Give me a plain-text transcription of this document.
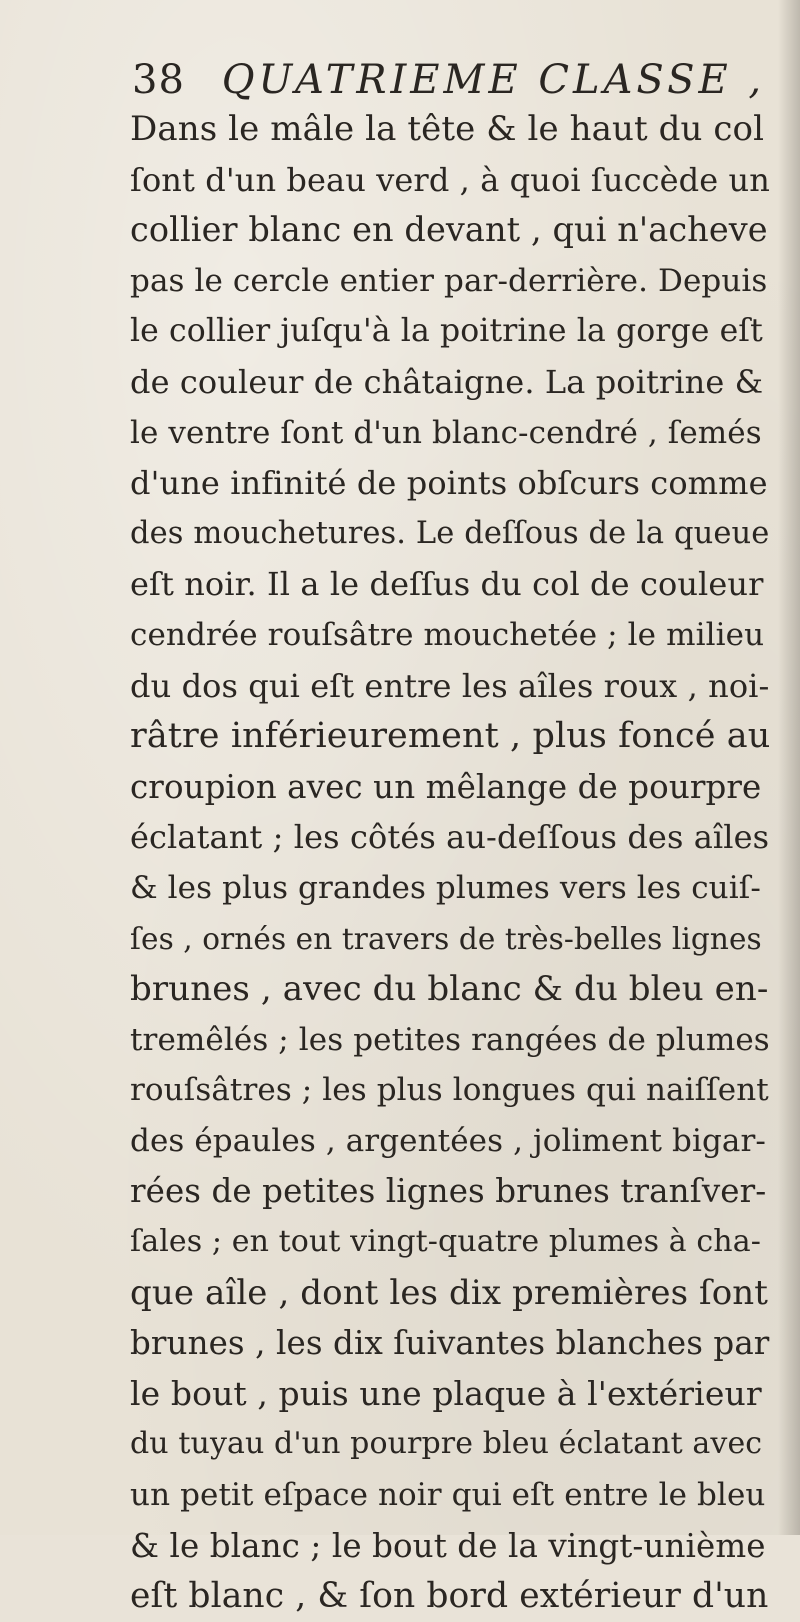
38 QUATRIEME CLASSE ,
Dans le mâle la tête & le haut du col
ſont d'un beau verd , à quoi ſuccède un
collier blanc en devant , qui n'acheve
pas le cercle entier par-derrière. Depuis
le collier juſqu'à la poitrine la gorge eſt
de couleur de châtaigne. La poitrine &
le ventre ſont d'un blanc-cendré , ſemés
d'une infinité de points obſcurs comme
des mouchetures. Le deſſous de la queue
eſt noir. Il a le deſſus du col de couleur
cendrée rouſsâtre mouchetée ; le milieu
du dos qui eſt entre les aîles roux , noi-
râtre inférieurement , plus foncé au
croupion avec un mêlange de pourpre
éclatant ; les côtés au-deſſous des aîles
& les plus grandes plumes vers les cuiſ-
ſes , ornés en travers de très-belles lignes
brunes , avec du blanc & du bleu en-
tremêlés ; les petites rangées de plumes
rouſsâtres ; les plus longues qui naiſſent
des épaules , argentées , joliment bigar-
rées de petites lignes brunes tranſver-
ſales ; en tout vingt-quatre plumes à cha-
que aîle , dont les dix premières ſont
brunes , les dix ſuivantes blanches par
le bout , puis une plaque à l'extérieur
du tuyau d'un pourpre bleu éclatant avec
un petit eſpace noir qui eſt entre le bleu
& le blanc ; le bout de la vingt-unième
eſt blanc , & ſon bord extérieur d'un
